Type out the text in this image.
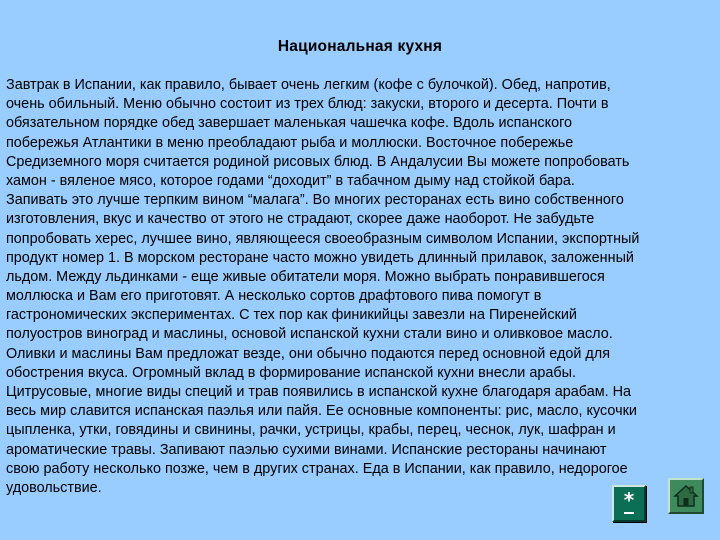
Национальная кухня
Завтрак в Испании, как правило, бывает очень легким (кофе с булочкой). Обед, напротив,
очень обильный. Меню обычно состоит из трех блюд: закуски, второго и десерта. Почти в
обязательном порядке обед завершает маленькая чашечка кофе. Вдоль испанского
побережья Атлантики в меню преобладают рыба и моллюски. Восточное побережье
Средиземного моря считается родиной рисовых блюд. В Андалусии Вы можете попробовать
хамон - вяленое мясо, которое годами “доходит” в табачном дыму над стойкой бара.
Запивать это лучше терпким вином “малага”. Во многих ресторанах есть вино собственного
изготовления, вкус и качество от этого не страдают, скорее даже наоборот. Не забудьте
попробовать херес, лучшее вино, являющееся своеобразным символом Испании, экспортный
продукт номер 1. В морском ресторане часто можно увидеть длинный прилавок, заложенный
льдом. Между льдинками - еще живые обитатели моря. Можно выбрать понравившегося
моллюска и Вам его приготовят. А несколько сортов драфтового пива помогут в
гастрономических экспериментах. С тех пор как финикийцы завезли на Пиренейский
полуостров виноград и маслины, основой испанской кухни стали вино и оливковое масло.
Оливки и маслины Вам предложат везде, они обычно подаются перед основной едой для
обострения вкуса. Огромный вклад в формирование испанской кухни внесли арабы.
Цитрусовые, многие виды специй и трав появились в испанской кухне благодаря арабам. На
весь мир славится испанская паэлья или пайя. Ее основные компоненты: рис, масло, кусочки
цыпленка, утки, говядины и свинины, рачки, устрицы, крабы, перец, чеснок, лук, шафран и
ароматические травы. Запивают паэлью сухими винами. Испанские рестораны начинают
свою работу несколько позже, чем в других странах. Еда в Испании, как правило, недорогое
удовольствие.
*
